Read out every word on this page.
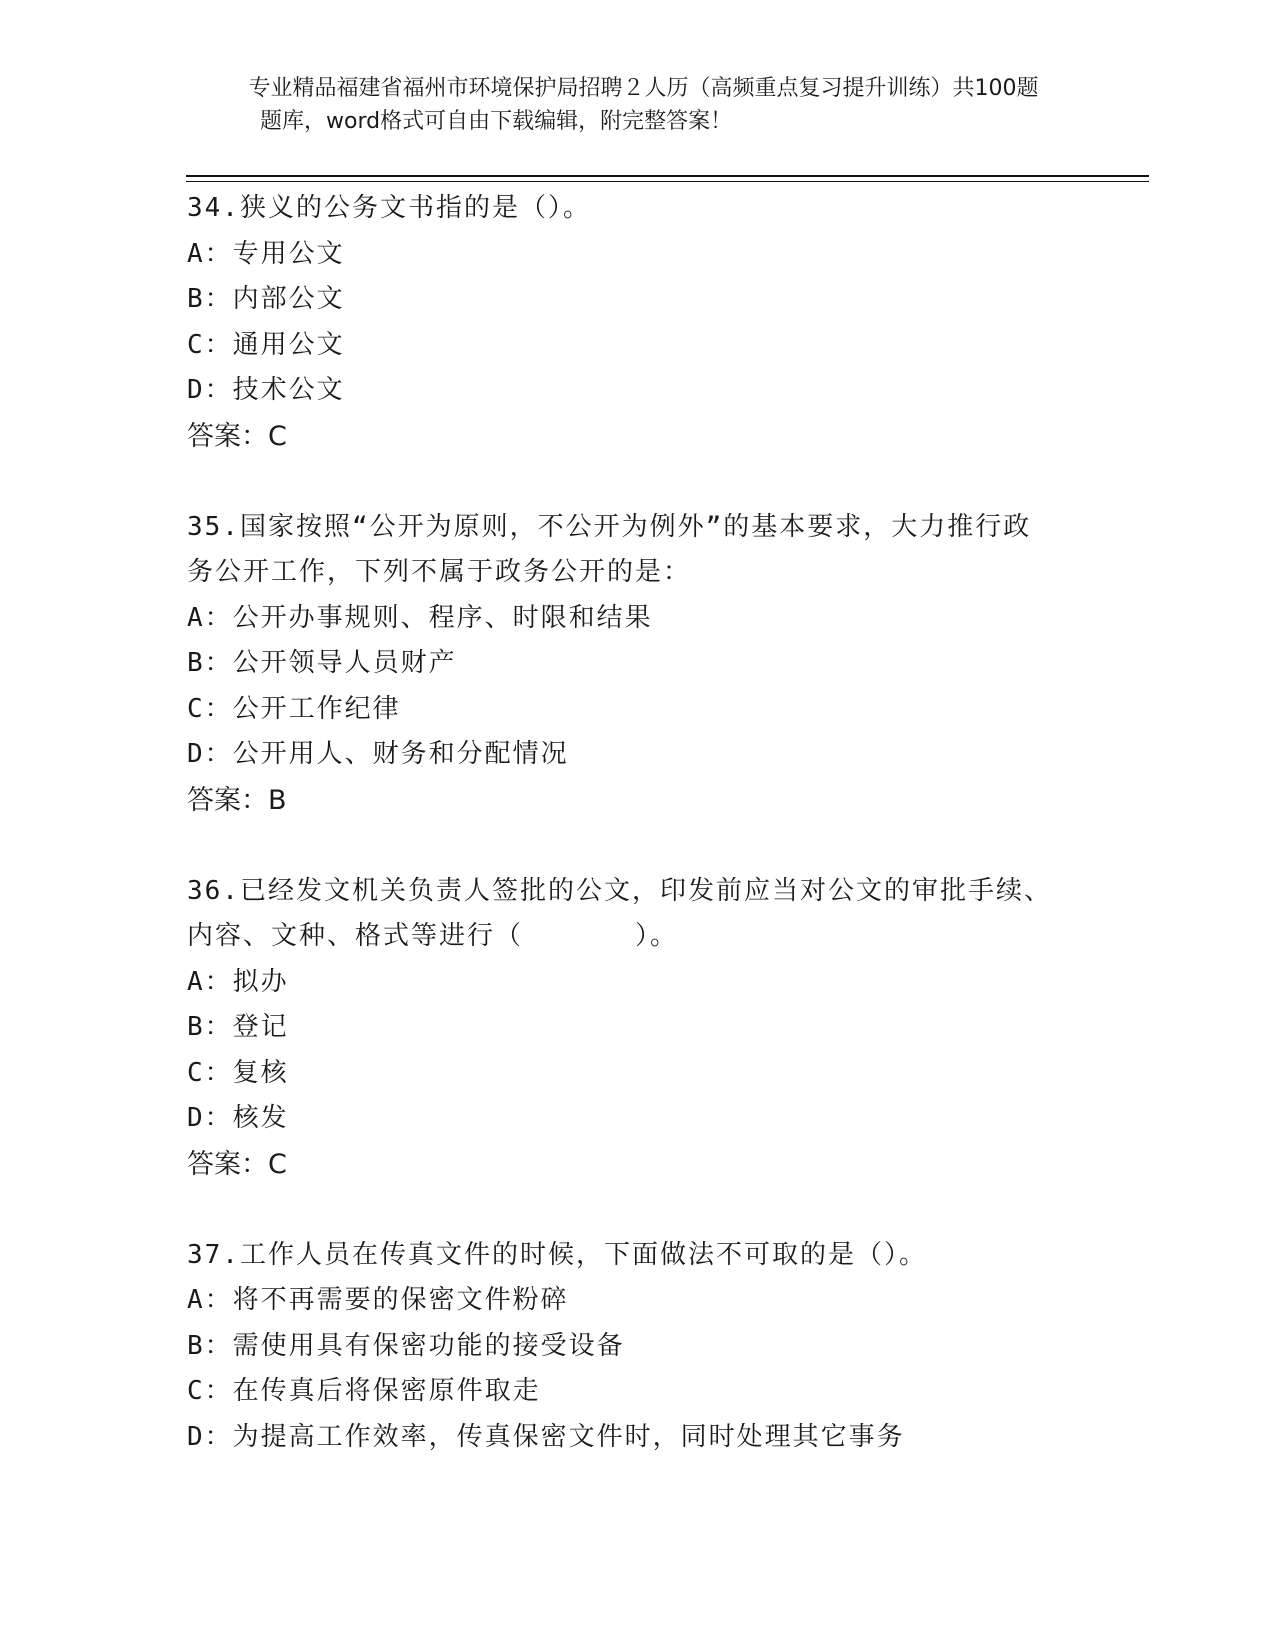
专业精品福建省福州市环境保护局招聘２人历（高频重点复习提升训练）共100题
题库，word格式可自由下载编辑，附完整答案！
34.狭义的公务文书指的是（）。
A：专用公文
B：内部公文
C：通用公文
D：技术公文
答案：C
35.国家按照“公开为原则，不公开为例外”的基本要求，大力推行政
务公开工作，下列不属于政务公开的是：
A：公开办事规则、程序、时限和结果
B：公开领导人员财产
C：公开工作纪律
D：公开用人、财务和分配情况
答案：B
36.已经发文机关负责人签批的公文，印发前应当对公文的审批手续、
内容、文种、格式等进行（　　　　）。
A：拟办
B：登记
C：复核
D：核发
答案：C
37.工作人员在传真文件的时候，下面做法不可取的是（）。
A：将不再需要的保密文件粉碎
B：需使用具有保密功能的接受设备
C：在传真后将保密原件取走
D：为提高工作效率，传真保密文件时，同时处理其它事务
